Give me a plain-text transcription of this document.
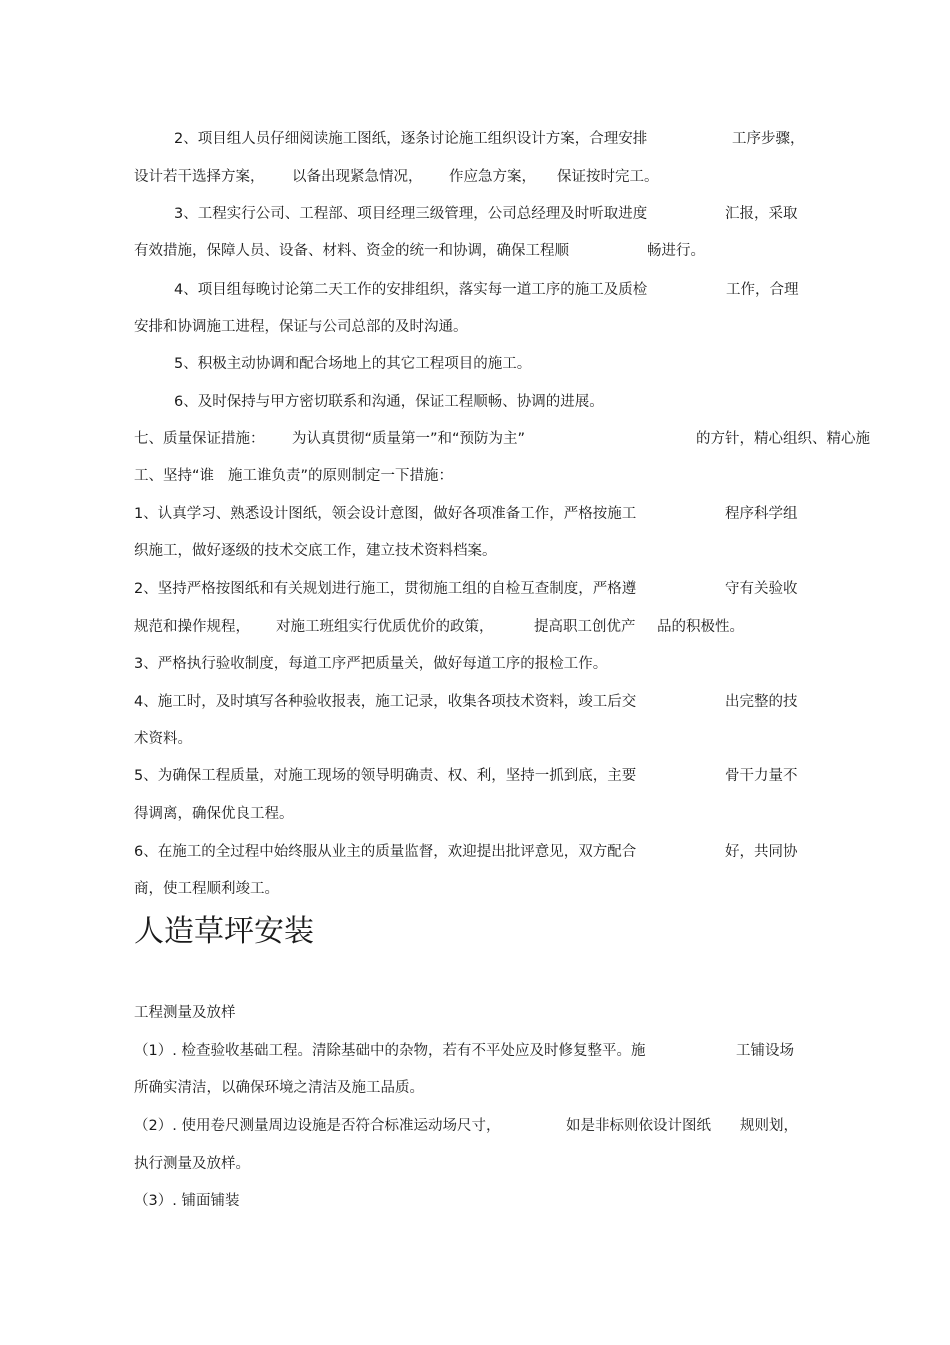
2、项目组人员仔细阅读施工图纸，逐条讨论施工组织设计方案，合理安排	工序步骤，
设计若干选择方案， 以备出现紧急情况， 作应急方案， 保证按时完工。
3、工程实行公司、工程部、项目经理三级管理，公司总经理及时听取进度	汇报，采取
有效措施，保障人员、设备、材料、资金的统一和协调，确保工程顺	畅进行。
4、项目组每晚讨论第二天工作的安排组织，落实每一道工序的施工及质检	工作，合理
安排和协调施工进程，保证与公司总部的及时沟通。
5、积极主动协调和配合场地上的其它工程项目的施工。
6、及时保持与甲方密切联系和沟通，保证工程顺畅、协调的进展。
七、质量保证措施： 为认真贯彻“质量第一”和“预防为主”	的方针，精心组织、精心施
工、坚持“谁 施工谁负责”的原则制定一下措施：
1、认真学习、熟悉设计图纸，领会设计意图，做好各项准备工作，严格按施工	程序科学组
织施工，做好逐级的技术交底工作，建立技术资料档案。
2、坚持严格按图纸和有关规划进行施工，贯彻施工组的自检互查制度，严格遵	守有关验收
规范和操作规程， 对施工班组实行优质优价的政策，	提高职工创优产 品的积极性。
3、严格执行验收制度，每道工序严把质量关，做好每道工序的报检工作。
4、施工时，及时填写各种验收报表，施工记录，收集各项技术资料，竣工后交	出完整的技
术资料。
5、为确保工程质量，对施工现场的领导明确责、权、利，坚持一抓到底，主要	骨干力量不
得调离，确保优良工程。
6、在施工的全过程中始终服从业主的质量监督，欢迎提出批评意见，双方配合	好，共同协
商，使工程顺利竣工。
人造草坪安装
工程测量及放样
（1）. 检查验收基础工程。清除基础中的杂物，若有不平处应及时修复整平。施	工铺设场
所确实清洁，以确保环境之清洁及施工品质。
（2）. 使用卷尺测量周边设施是否符合标准运动场尺寸，	如是非标则依设计图纸 规则划，
执行测量及放样。
（3）. 铺面铺装
